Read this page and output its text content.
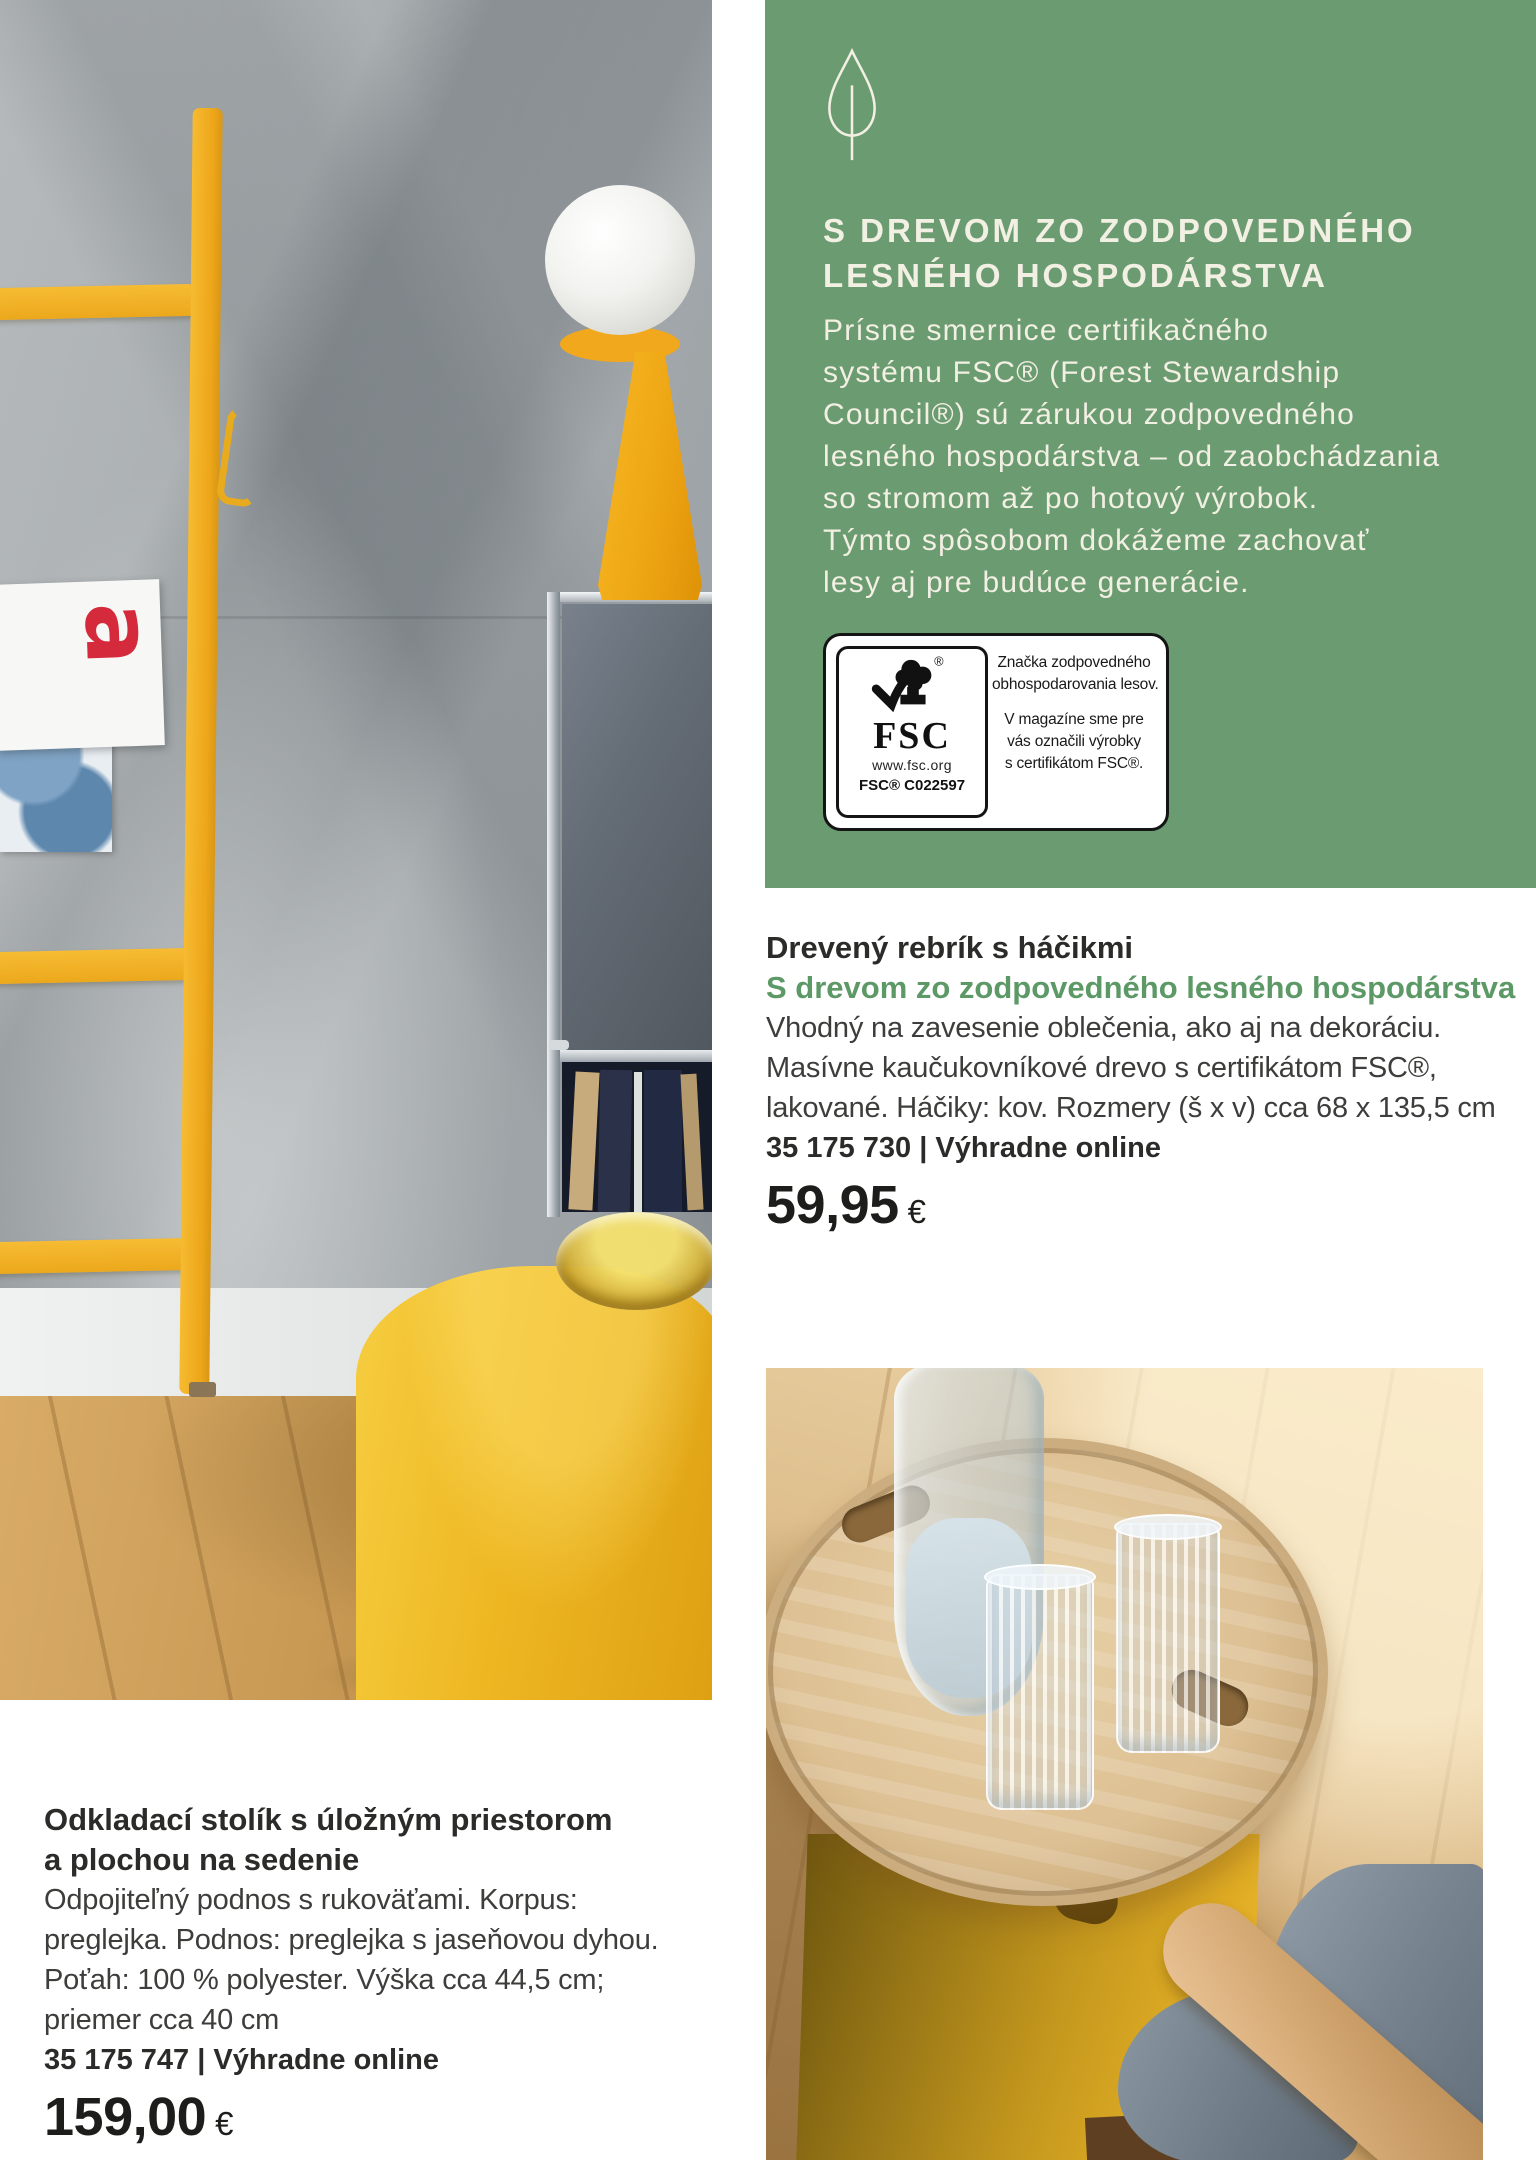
a
S DREVOM ZO ZODPOVEDNÉHO
LESNÉHO HOSPODÁRSTVA
Prísne smernice certifikačného
systému FSC® (Forest Stewardship
Council®) sú zárukou zodpovedného
lesného hospodárstva – od zaobchádzania
so stromom až po hotový výrobok.
Týmto spôsobom dokážeme zachovať
lesy aj pre budúce generácie.
®
FSC
www.fsc.org
FSC® C022597
Značka zodpovedného
obhospodarovania lesov.
V magazíne sme pre
vás označili výrobky
s certifikátom FSC®.
Drevený rebrík s háčikmi
S drevom zo zodpovedného lesného hospodárstva
Vhodný na zavesenie oblečenia, ako aj na dekoráciu.
Masívne kaučukovníkové drevo s certifikátom FSC®,
lakované. Háčiky: kov. Rozmery (š x v) cca 68 x 135,5 cm
35 175 730 | Výhradne online
59,95 €
Odkladací stolík s úložným priestorom
a plochou na sedenie
Odpojiteľný podnos s rukoväťami. Korpus:
preglejka. Podnos: preglejka s jaseňovou dyhou.
Poťah: 100 % polyester. Výška cca 44,5 cm;
priemer cca 40 cm
35 175 747 | Výhradne online
159,00 €
